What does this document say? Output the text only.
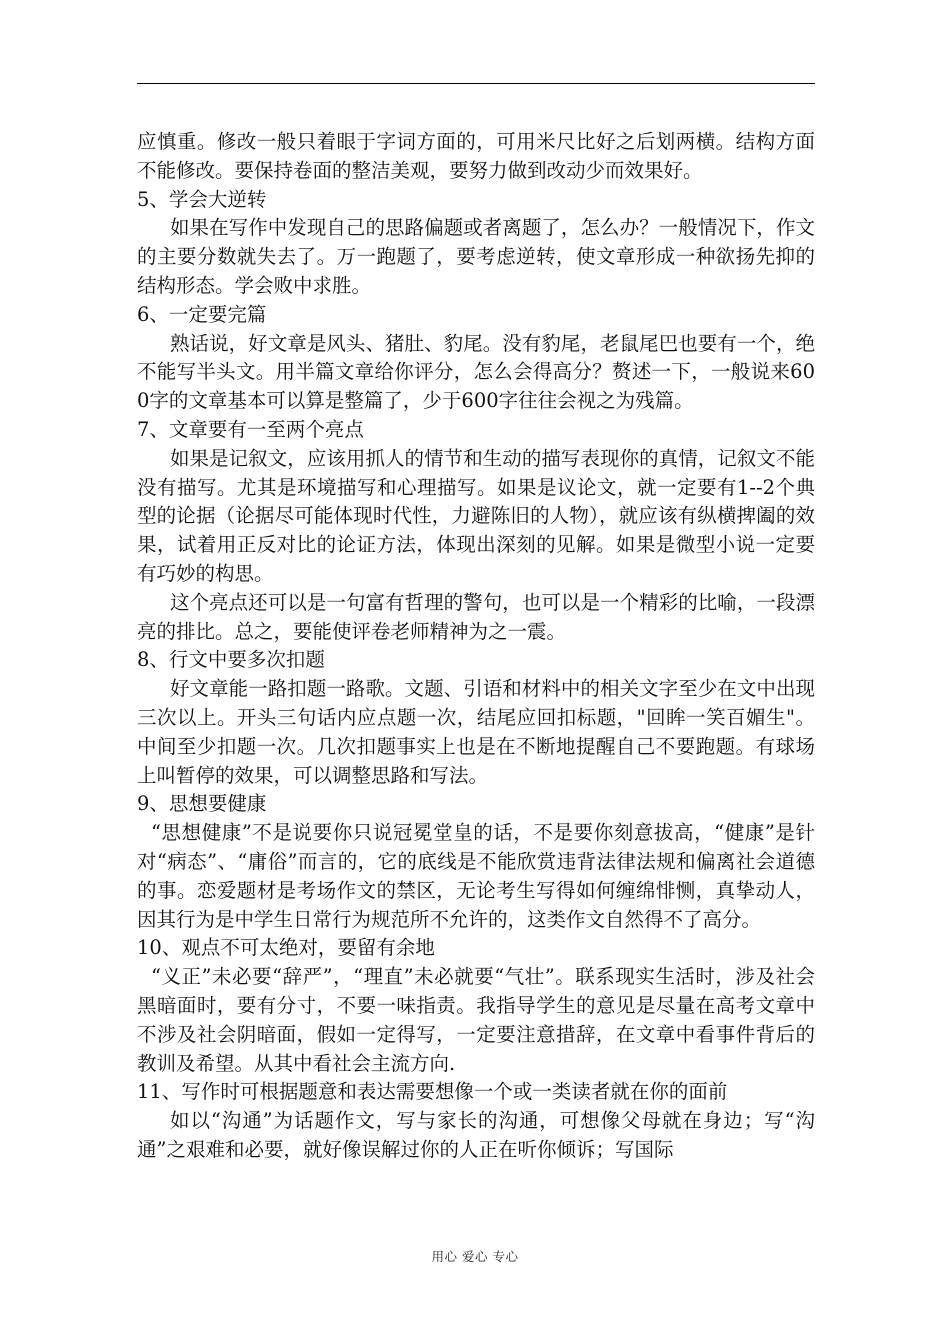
应慎重。修改一般只着眼于字词方面的，可用米尺比好之后划两横。结构方面不能修改。要保持卷面的整洁美观，要努力做到改动少而效果好。

5、学会大逆转

如果在写作中发现自己的思路偏题或者离题了，怎么办？一般情况下，作文的主要分数就失去了。万一跑题了，要考虑逆转，使文章形成一种欲扬先抑的结构形态。学会败中求胜。

6、一定要完篇

熟话说，好文章是风头、猪肚、豹尾。没有豹尾，老鼠尾巴也要有一个，绝不能写半头文。用半篇文章给你评分，怎么会得高分？赘述一下，一般说来600字的文章基本可以算是整篇了，少于600字往往会视之为残篇。

7、文章要有一至两个亮点

如果是记叙文，应该用抓人的情节和生动的描写表现你的真情，记叙文不能没有描写。尤其是环境描写和心理描写。如果是议论文，就一定要有1--2个典型的论据（论据尽可能体现时代性，力避陈旧的人物），就应该有纵横捭阖的效果，试着用正反对比的论证方法，体现出深刻的见解。如果是微型小说一定要有巧妙的构思。

这个亮点还可以是一句富有哲理的警句，也可以是一个精彩的比喻，一段漂亮的排比。总之，要能使评卷老师精神为之一震。

8、行文中要多次扣题

好文章能一路扣题一路歌。文题、引语和材料中的相关文字至少在文中出现三次以上。开头三句话内应点题一次，结尾应回扣标题，"回眸一笑百媚生"。中间至少扣题一次。几次扣题事实上也是在不断地提醒自己不要跑题。有球场上叫暂停的效果，可以调整思路和写法。

9、思想要健康

“思想健康”不是说要你只说冠冕堂皇的话，不是要你刻意拔高，“健康”是针对“病态”、“庸俗”而言的，它的底线是不能欣赏违背法律法规和偏离社会道德的事。恋爱题材是考场作文的禁区，无论考生写得如何缠绵悱恻，真挚动人，因其行为是中学生日常行为规范所不允许的，这类作文自然得不了高分。

10、观点不可太绝对，要留有余地

“义正”未必要“辞严”，“理直”未必就要“气壮”。联系现实生活时，涉及社会黑暗面时，要有分寸，不要一味指责。我指导学生的意见是尽量在高考文章中不涉及社会阴暗面，假如一定得写，一定要注意措辞，在文章中看事件背后的教训及希望。从其中看社会主流方向.

11、写作时可根据题意和表达需要想像一个或一类读者就在你的面前

如以“沟通”为话题作文，写与家长的沟通，可想像父母就在身边；写“沟通”之艰难和必要，就好像误解过你的人正在听你倾诉；写国际

用心 爱心 专心
